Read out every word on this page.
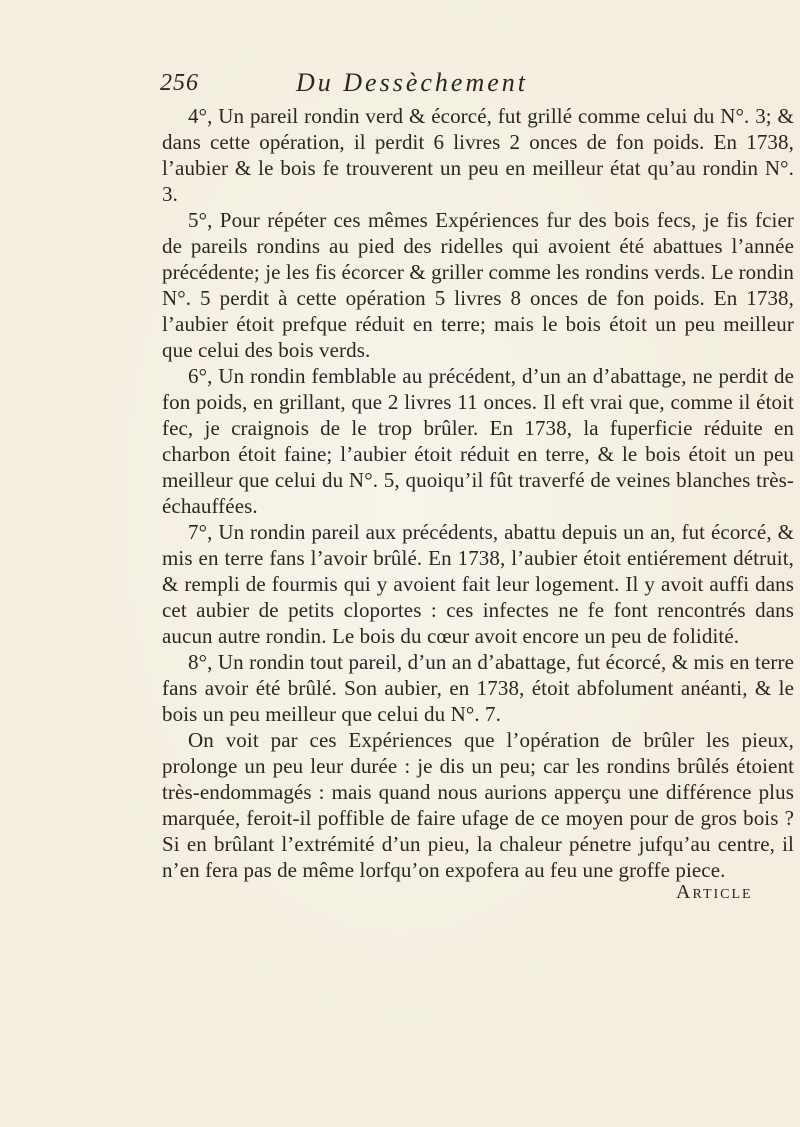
256	Du Dessèchement

4°, Un pareil rondin verd & écorcé, fut grillé comme celui du N°. 3; & dans cette opération, il perdit 6 livres 2 onces de fon poids. En 1738, l’aubier & le bois fe trouverent un peu en meilleur état qu’au rondin N°. 3.

5°, Pour répéter ces mêmes Expériences fur des bois fecs, je fis fcier de pareils rondins au pied des ridelles qui avoient été abattues l’année précédente; je les fis écorcer & griller comme les rondins verds. Le rondin N°. 5 perdit à cette opération 5 livres 8 onces de fon poids. En 1738, l’aubier étoit prefque réduit en terre; mais le bois étoit un peu meilleur que celui des bois verds.

6°, Un rondin femblable au précédent, d’un an d’abattage, ne perdit de fon poids, en grillant, que 2 livres 11 onces. Il eft vrai que, comme il étoit fec, je craignois de le trop brûler. En 1738, la fuperficie réduite en charbon étoit faine; l’aubier étoit réduit en terre, & le bois étoit un peu meilleur que celui du N°. 5, quoiqu’il fût traverfé de veines blanches très-échauffées.

7°, Un rondin pareil aux précédents, abattu depuis un an, fut écorcé, & mis en terre fans l’avoir brûlé. En 1738, l’aubier étoit entiérement détruit, & rempli de fourmis qui y avoient fait leur logement. Il y avoit auffi dans cet aubier de petits cloportes : ces infectes ne fe font rencontrés dans aucun autre rondin. Le bois du cœur avoit encore un peu de folidité.

8°, Un rondin tout pareil, d’un an d’abattage, fut écorcé, & mis en terre fans avoir été brûlé. Son aubier, en 1738, étoit abfolument anéanti, & le bois un peu meilleur que celui du N°. 7.

On voit par ces Expériences que l’opération de brûler les pieux, prolonge un peu leur durée : je dis un peu; car les rondins brûlés étoient très-endommagés : mais quand nous aurions apperçu une différence plus marquée, feroit-il poffible de faire ufage de ce moyen pour de gros bois ? Si en brûlant l’extrémité d’un pieu, la chaleur pénetre jufqu’au centre, il n’en fera pas de même lorfqu’on expofera au feu une groffe piece.

Article
